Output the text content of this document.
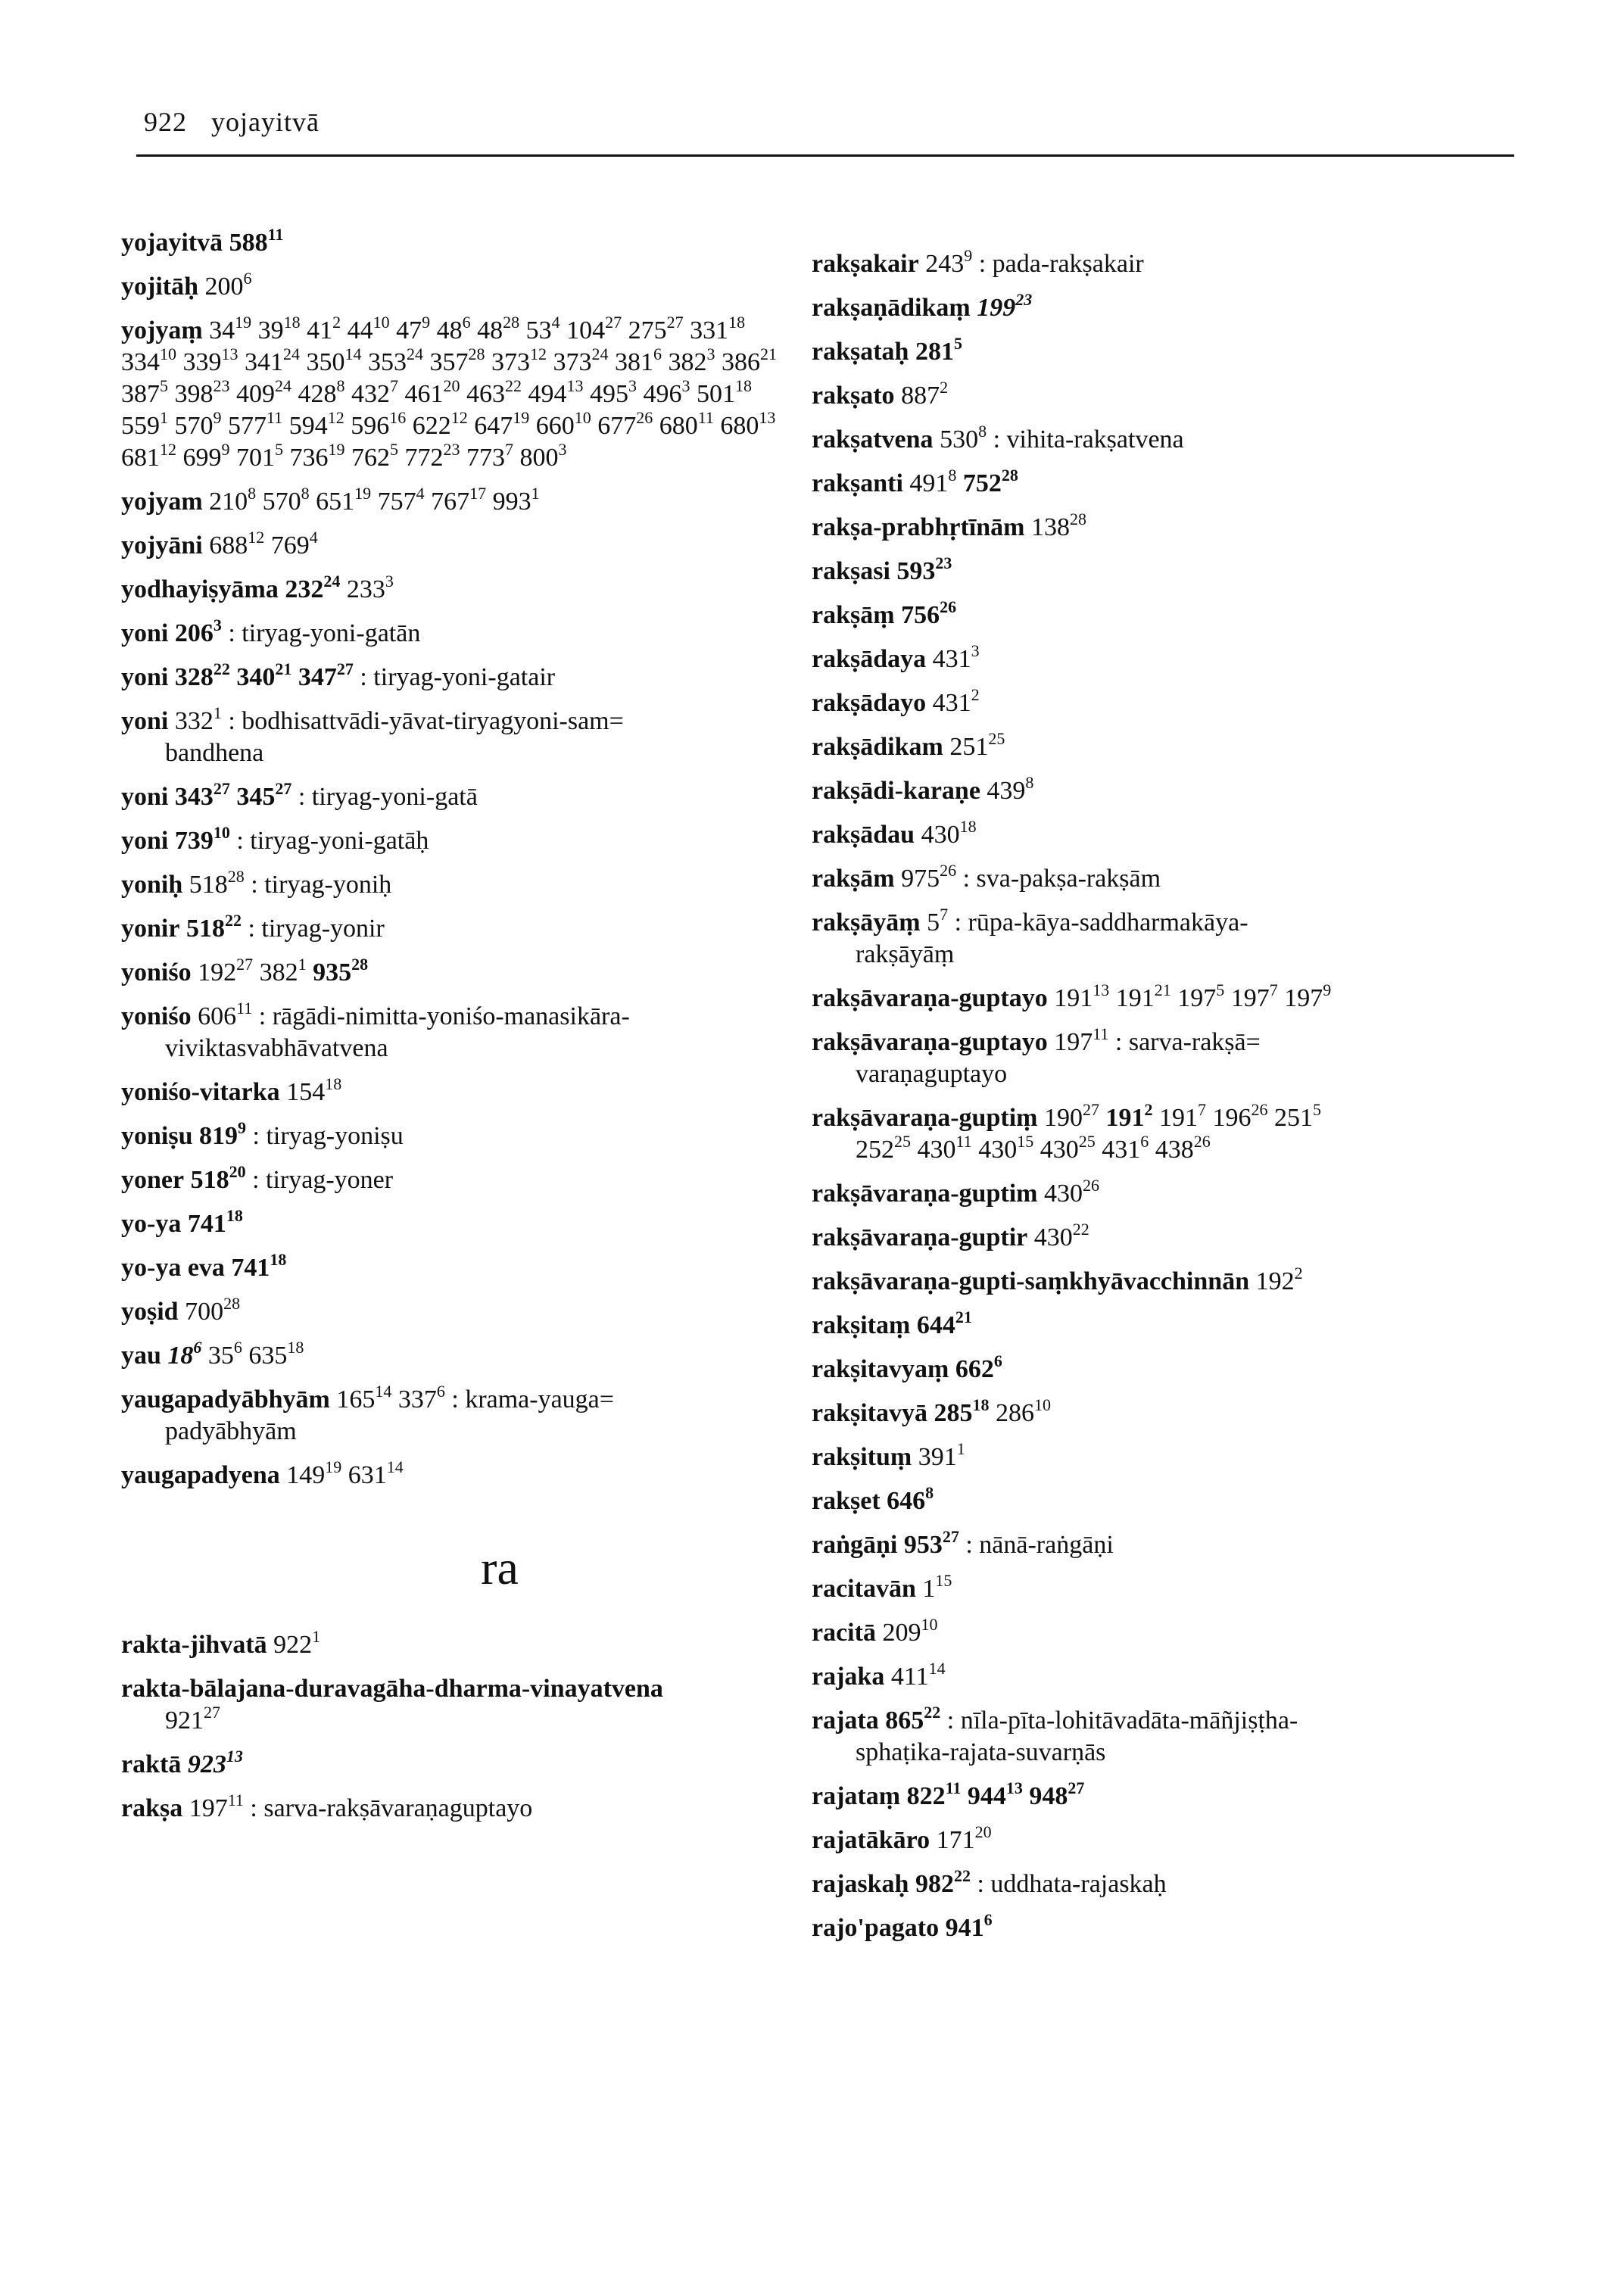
922 yojayitvā
yojayitvā $588^{11}$
yojitāḥ $200^6$
yojyaṃ $34^{19}$ $39^{18}$ $41^2$ $44^{10}$ $47^9$ $48^6$ $48^{28}$ $53^4$ $104^{27}$ $275^{27}$ $331^{18}$ $334^{10}$ $339^{13}$ $341^{24}$ $350^{14}$ $353^{24}$ $357^{28}$ $373^{12}$ $373^{24}$ $381^6$ $382^3$ $386^{21}$ $387^5$ $398^{23}$ $409^{24}$ $428^8$ $432^7$ $461^{20}$ $463^{22}$ $494^{13}$ $495^3$ $496^3$ $501^{18}$ $559^1$ $570^9$ $577^{11}$ $594^{12}$ $596^{16}$ $622^{12}$ $647^{19}$ $660^{10}$ $677^{26}$ $680^{11}$ $680^{13}$ $681^{12}$ $699^9$ $701^5$ $736^{19}$ $762^5$ $772^{23}$ $773^7$ $800^3$
yojyam $210^8$ $570^8$ $651^{19}$ $757^4$ $767^{17}$ $993^1$
yojyāni $688^{12}$ $769^4$
yodhayiṣyāma $232^{24}$ $233^3$
yoni $206^3$ : tiryag-yoni-gatān
yoni $328^{22}$ $340^{21}$ $347^{27}$ : tiryag-yoni-gatair
yoni $332^1$ : bodhisattvādi-yāvat-tiryagyoni-sam=
bandhena
yoni $343^{27}$ $345^{27}$ : tiryag-yoni-gatā
yoni $739^{10}$ : tiryag-yoni-gatāḥ
yoniḥ $518^{28}$ : tiryag-yoniḥ
yonir $518^{22}$ : tiryag-yonir
yoniśo $192^{27}$ $382^1$ $935^{28}$
yoniśo $606^{11}$ : rāgādi-nimitta-yoniśo-manasikāra-
viviktasvabhāvatvena
yoniśo-vitarka $154^{18}$
yoniṣu $819^9$ : tiryag-yoniṣu
yoner $518^{20}$ : tiryag-yoner
yo-ya $741^{18}$
yo-ya eva $741^{18}$
yoṣid $700^{28}$
yau $18^6$ $35^6$ $635^{18}$
yaugapadyābhyām $165^{14}$ $337^6$ : krama-yauga=
padyābhyām
yaugapadyena $149^{19}$ $631^{14}$
ra
rakta-jihvatā $922^1$
rakta-bālajana-duravagāha-dharma-vinayatvena
$921^{27}$
raktā $923^{13}$
rakṣa $197^{11}$ : sarva-rakṣāvaraṇaguptayo
rakṣakair $243^9$ : pada-rakṣakair
rakṣaṇādikaṃ $199^{23}$
rakṣataḥ $281^5$
rakṣato $887^2$
rakṣatvena $530^8$ : vihita-rakṣatvena
rakṣanti $491^8$ $752^{28}$
rakṣa-prabhṛtīnām $138^{28}$
rakṣasi $593^{23}$
rakṣāṃ $756^{26}$
rakṣādaya $431^3$
rakṣādayo $431^2$
rakṣādikam $251^{25}$
rakṣādi-karaṇe $439^8$
rakṣādau $430^{18}$
rakṣām $975^{26}$ : sva-pakṣa-rakṣām
rakṣāyāṃ $5^7$ : rūpa-kāya-saddharmakāya-
rakṣāyāṃ
rakṣāvaraṇa-guptayo $191^{13}$ $191^{21}$ $197^5$ $197^7$ $197^9$
rakṣāvaraṇa-guptayo $197^{11}$ : sarva-rakṣā=
varaṇaguptayo
rakṣāvaraṇa-guptiṃ $190^{27}$ $191^2$ $191^7$ $196^{26}$ $251^5$
$252^{25}$ $430^{11}$ $430^{15}$ $430^{25}$ $431^6$ $438^{26}$
rakṣāvaraṇa-guptim $430^{26}$
rakṣāvaraṇa-guptir $430^{22}$
rakṣāvaraṇa-gupti-saṃkhyāvacchinnān $192^2$
rakṣitaṃ $644^{21}$
rakṣitavyaṃ $662^6$
rakṣitavyā $285^{18}$ $286^{10}$
rakṣituṃ $391^1$
rakṣet $646^8$
raṅgāṇi $953^{27}$ : nānā-raṅgāṇi
racitavān $1^{15}$
racitā $209^{10}$
rajaka $411^{14}$
rajata $865^{22}$ : nīla-pīta-lohitāvadāta-māñjiṣṭha-
sphaṭika-rajata-suvarṇās
rajataṃ $822^{11}$ $944^{13}$ $948^{27}$
rajatākāro $171^{20}$
rajaskaḥ $982^{22}$ : uddhata-rajaskaḥ
rajo'pagato $941^6$
